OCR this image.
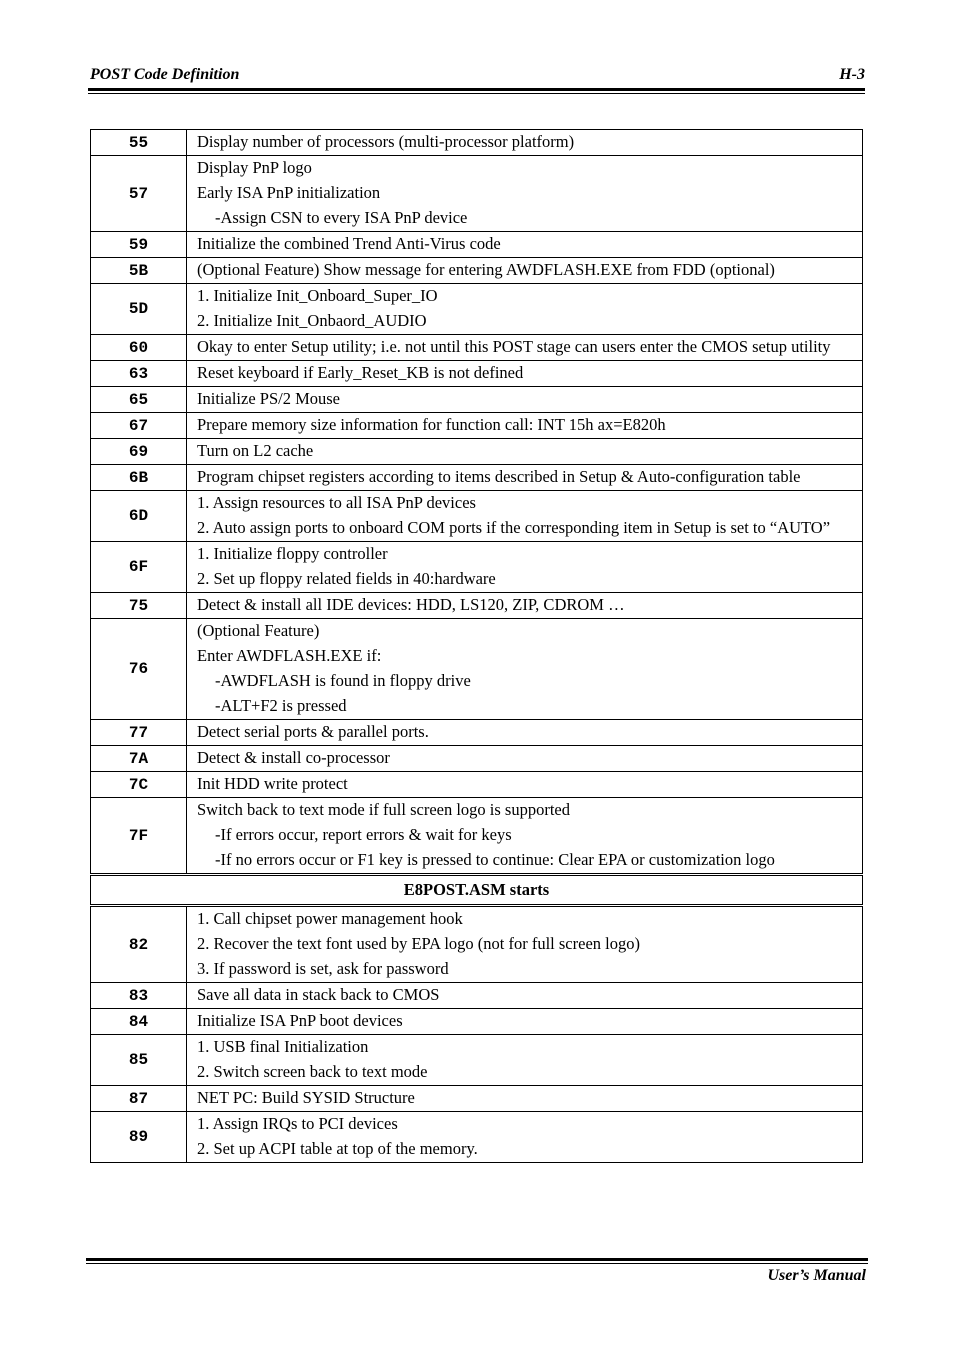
POST Code Definition	H-3
55	Display number of processors (multi-processor platform)

57	Display PnP logo
Early ISA PnP initialization
-Assign CSN to every ISA PnP device

59	Initialize the combined Trend Anti-Virus code

5B	(Optional Feature) Show message for entering AWDFLASH.EXE from FDD (optional)

5D	1. Initialize Init_Onboard_Super_IO
2. Initialize Init_Onbaord_AUDIO

60	Okay to enter Setup utility; i.e. not until this POST stage can users enter the CMOS setup utility

63	Reset keyboard if Early_Reset_KB is not defined

65	Initialize PS/2 Mouse

67	Prepare memory size information for function call: INT 15h ax=E820h

69	Turn on L2 cache

6B	Program chipset registers according to items described in Setup & Auto-configuration table

6D	1. Assign resources to all ISA PnP devices
2. Auto assign ports to onboard COM ports if the corresponding item in Setup is set to “AUTO”

6F	1. Initialize floppy controller
2. Set up floppy related fields in 40:hardware

75	Detect & install all IDE devices: HDD, LS120, ZIP, CDROM …

76	(Optional Feature)
Enter AWDFLASH.EXE if:
-AWDFLASH is found in floppy drive
-ALT+F2 is pressed

77	Detect serial ports & parallel ports.

7A	Detect & install co-processor

7C	Init HDD write protect

7F	Switch back to text mode if full screen logo is supported
-If errors occur, report errors & wait for keys
-If no errors occur or F1 key is pressed to continue: Clear EPA or customization logo

E8POST.ASM starts	
82	1. Call chipset power management hook
2. Recover the text font used by EPA logo (not for full screen logo)
3. If password is set, ask for password

83	Save all data in stack back to CMOS

84	Initialize ISA PnP boot devices

85	1. USB final Initialization
2. Switch screen back to text mode

87	NET PC: Build SYSID Structure

89	1. Assign IRQs to PCI devices
2. Set up ACPI table at top of the memory.
User’s Manual
